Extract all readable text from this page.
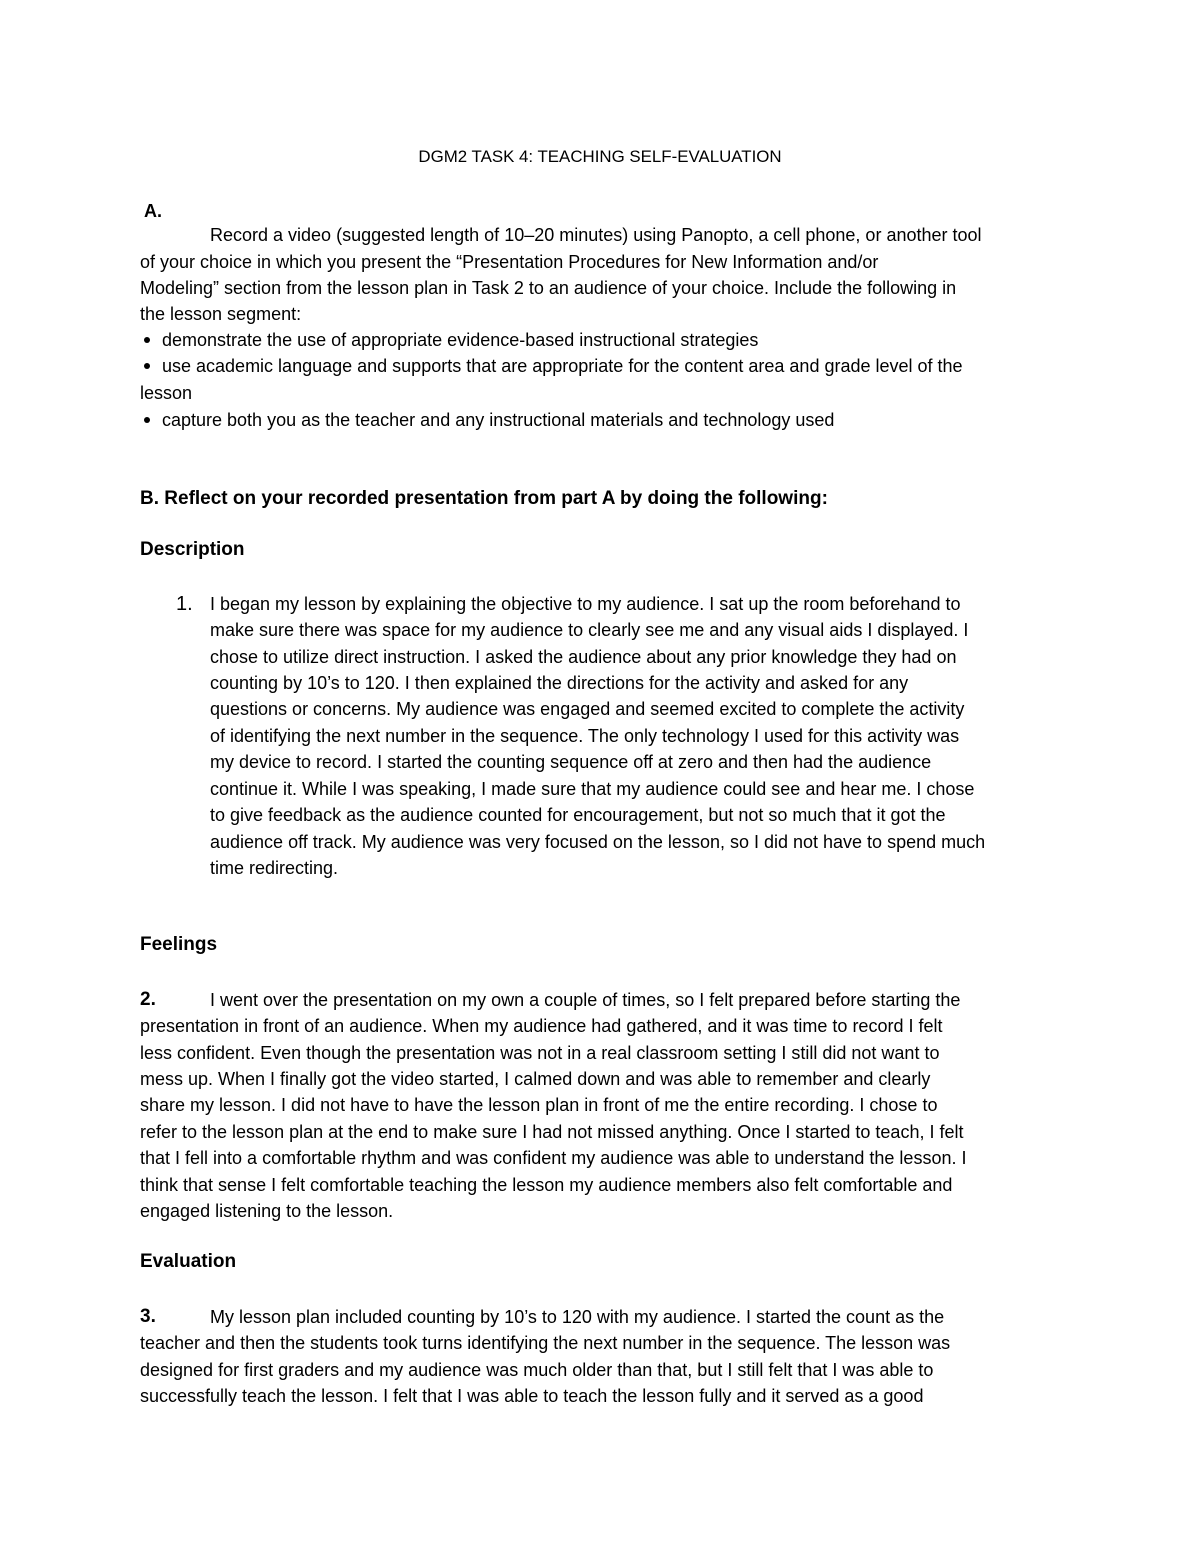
DGM2 TASK 4: TEACHING SELF-EVALUATION
A.
Record a video (suggested length of 10–20 minutes) using Panopto, a cell phone, or another tool
of your choice in which you present the “Presentation Procedures for New Information and/or
Modeling” section from the lesson plan in Task 2 to an audience of your choice. Include the following in
the lesson segment:
demonstrate the use of appropriate evidence-based instructional strategies
use academic language and supports that are appropriate for the content area and grade level of the
lesson
capture both you as the teacher and any instructional materials and technology used
B. Reflect on your recorded presentation from part A by doing the following:
Description
1. I began my lesson by explaining the objective to my audience. I sat up the room beforehand to
make sure there was space for my audience to clearly see me and any visual aids I displayed. I
chose to utilize direct instruction. I asked the audience about any prior knowledge they had on
counting by 10’s to 120. I then explained the directions for the activity and asked for any
questions or concerns. My audience was engaged and seemed excited to complete the activity
of identifying the next number in the sequence. The only technology I used for this activity was
my device to record. I started the counting sequence off at zero and then had the audience
continue it. While I was speaking, I made sure that my audience could see and hear me. I chose
to give feedback as the audience counted for encouragement, but not so much that it got the
audience off track. My audience was very focused on the lesson, so I did not have to spend much
time redirecting.
Feelings
2.	I went over the presentation on my own a couple of times, so I felt prepared before starting the
presentation in front of an audience. When my audience had gathered, and it was time to record I felt
less confident. Even though the presentation was not in a real classroom setting I still did not want to
mess up. When I finally got the video started, I calmed down and was able to remember and clearly
share my lesson. I did not have to have the lesson plan in front of me the entire recording. I chose to
refer to the lesson plan at the end to make sure I had not missed anything. Once I started to teach, I felt
that I fell into a comfortable rhythm and was confident my audience was able to understand the lesson. I
think that sense I felt comfortable teaching the lesson my audience members also felt comfortable and
engaged listening to the lesson.
Evaluation
3.	My lesson plan included counting by 10’s to 120 with my audience. I started the count as the
teacher and then the students took turns identifying the next number in the sequence. The lesson was
designed for first graders and my audience was much older than that, but I still felt that I was able to
successfully teach the lesson. I felt that I was able to teach the lesson fully and it served as a good
